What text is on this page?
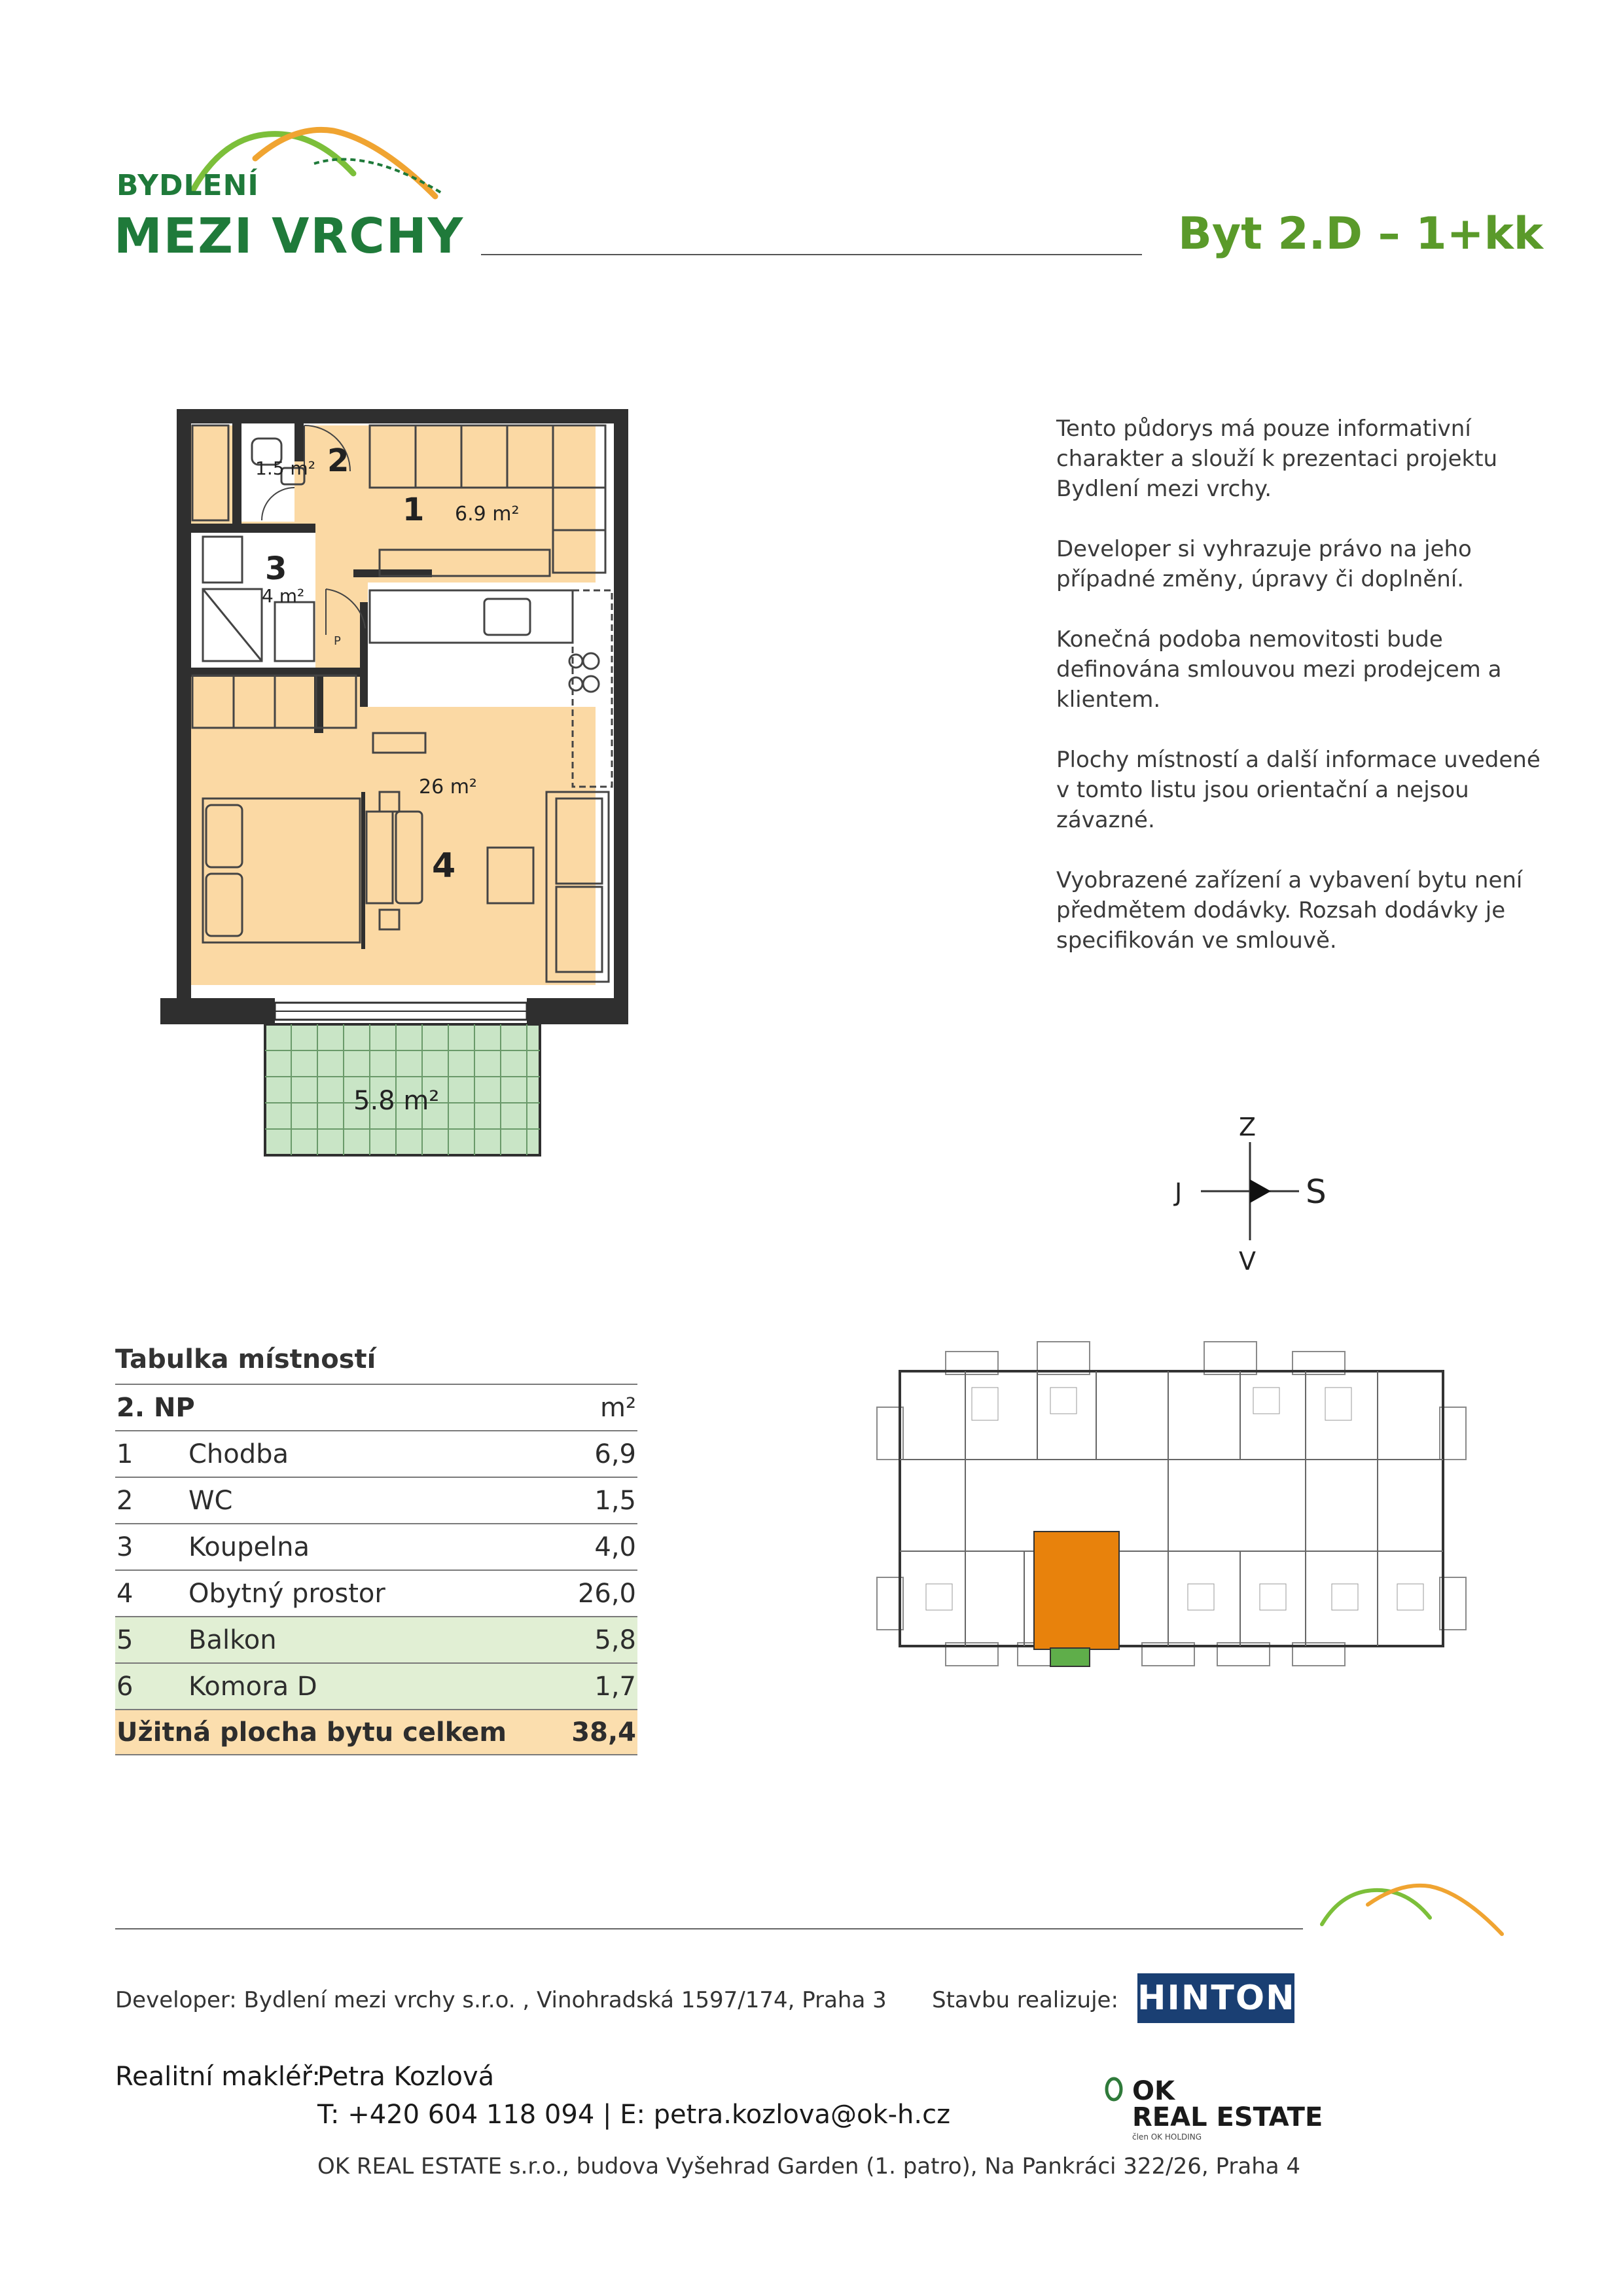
BYDLENÍ
MEZI VRCHY	Byt 2.D – 1+kk
P
1 6.9 m²
2
1.5 m²
3
4 m²
4
26 m²
5.8 m²

Tento půdorys má pouze informativní charakter a slouží k prezentaci projektu Bydlení mezi vrchy.

Developer si vyhrazuje právo na jeho případné změny, úpravy či doplnění.

Konečná podoba nemovitosti bude definována smlouvou mezi prodejcem a klientem.

Plochy místností a další informace uvedené v tomto listu jsou orientační a nejsou závazné.

Vyobrazené zařízení a vybavení bytu není předmětem dodávky. Rozsah dodávky je specifikován ve smlouvě.

Z
J	S
V
Tabulka místností
2. NP	m²
1	Chodba	6,9
2	WC	1,5
3	Koupelna	4,0
4	Obytný prostor	26,0
5	Balkon	5,8
6	Komora D	1,7
Užitná plocha bytu celkem 38,4
Developer: Bydlení mezi vrchy s.r.o. , Vinohradská 1597/174, Praha 3 Stavbu realizuje: HINTON
Realitní makléř:
Petra Kozlová
T: +420 604 118 094 | E: petra.kozlova@ok-h.cz
OK
REAL ESTATE
člen OK HOLDING
OK REAL ESTATE s.r.o., budova Vyšehrad Garden (1. patro), Na Pankráci 322/26, Praha 4
